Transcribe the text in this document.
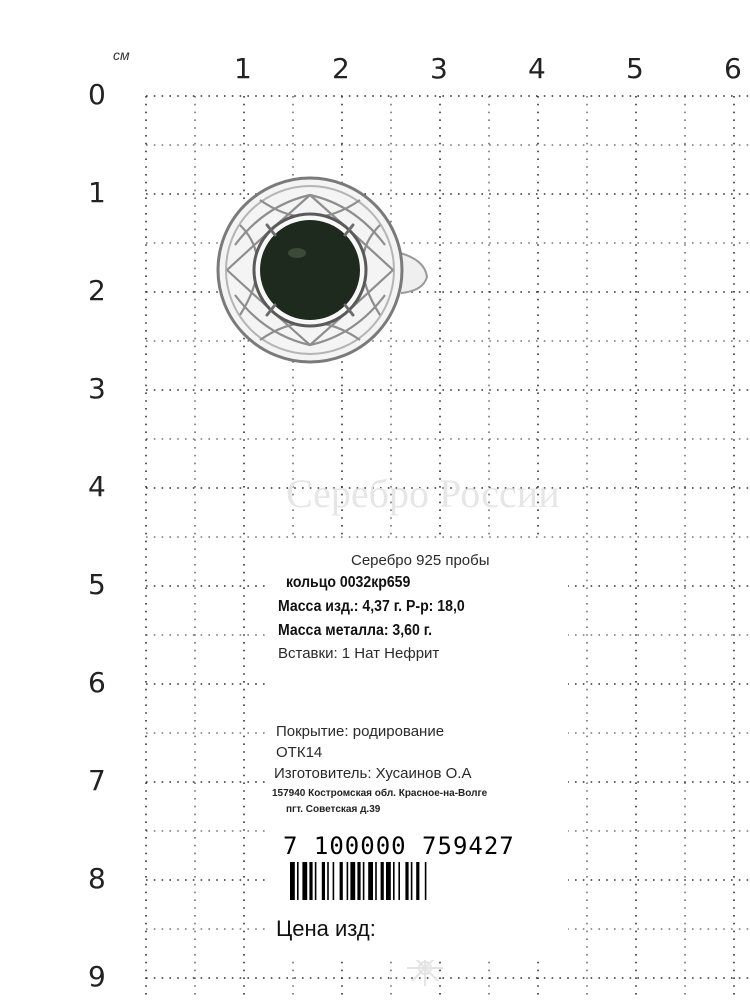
см	1	2	3	4	5	6
0
1
2
3
4
5
6
7
8
9
Серебро России
Серебро 925 пробы
кольцо 0032кр659
Масса изд.: 4,37 г. Р-р: 18,0
Масса металла: 3,60 г.
Вставки: 1 Нат Нефрит
Покрытие: родирование
ОТК14
Изготовитель: Хусаинов О.А
157940 Костромская обл. Красное-на-Волге
пгт. Советская д.39
7 100000 759427
Цена изд:
